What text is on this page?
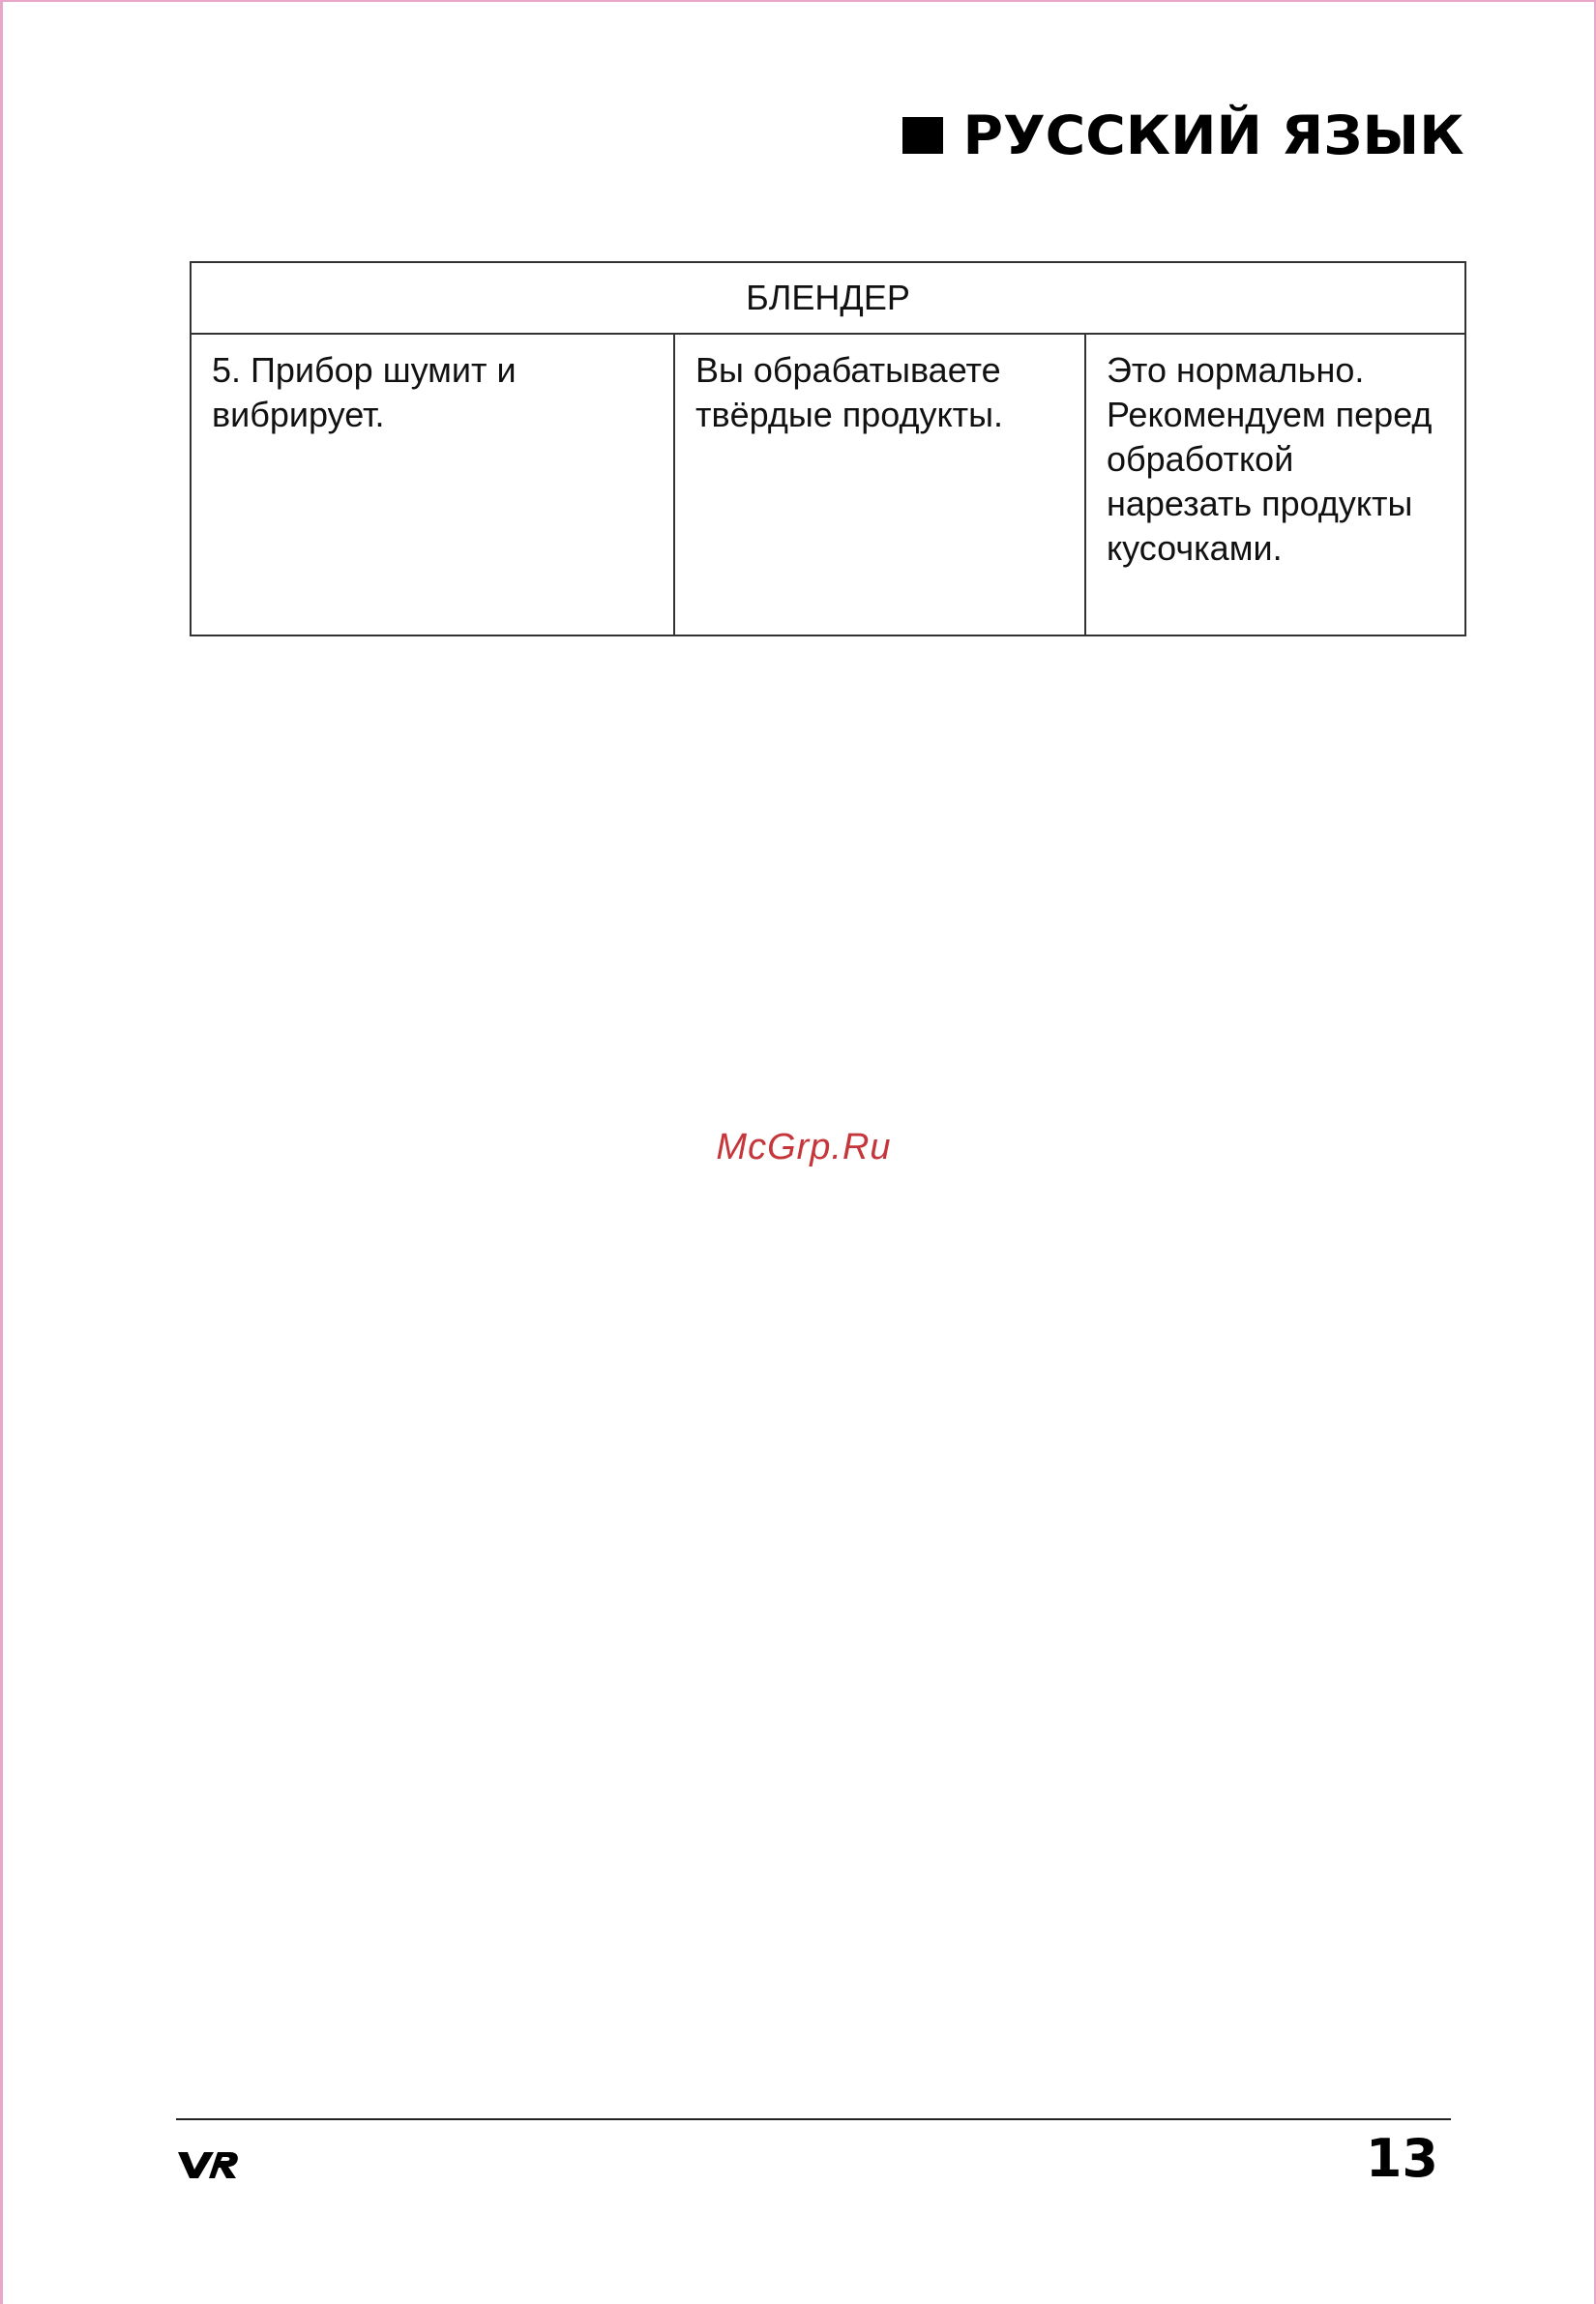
РУССКИЙ ЯЗЫК
БЛЕНДЕР
5. Прибор шумит и вибрирует.	Вы обрабатываете твёрдые продукты.	Это нормально. Рекомендуем перед обработкой нарезать продукты кусочками.
McGrp.Ru
13
